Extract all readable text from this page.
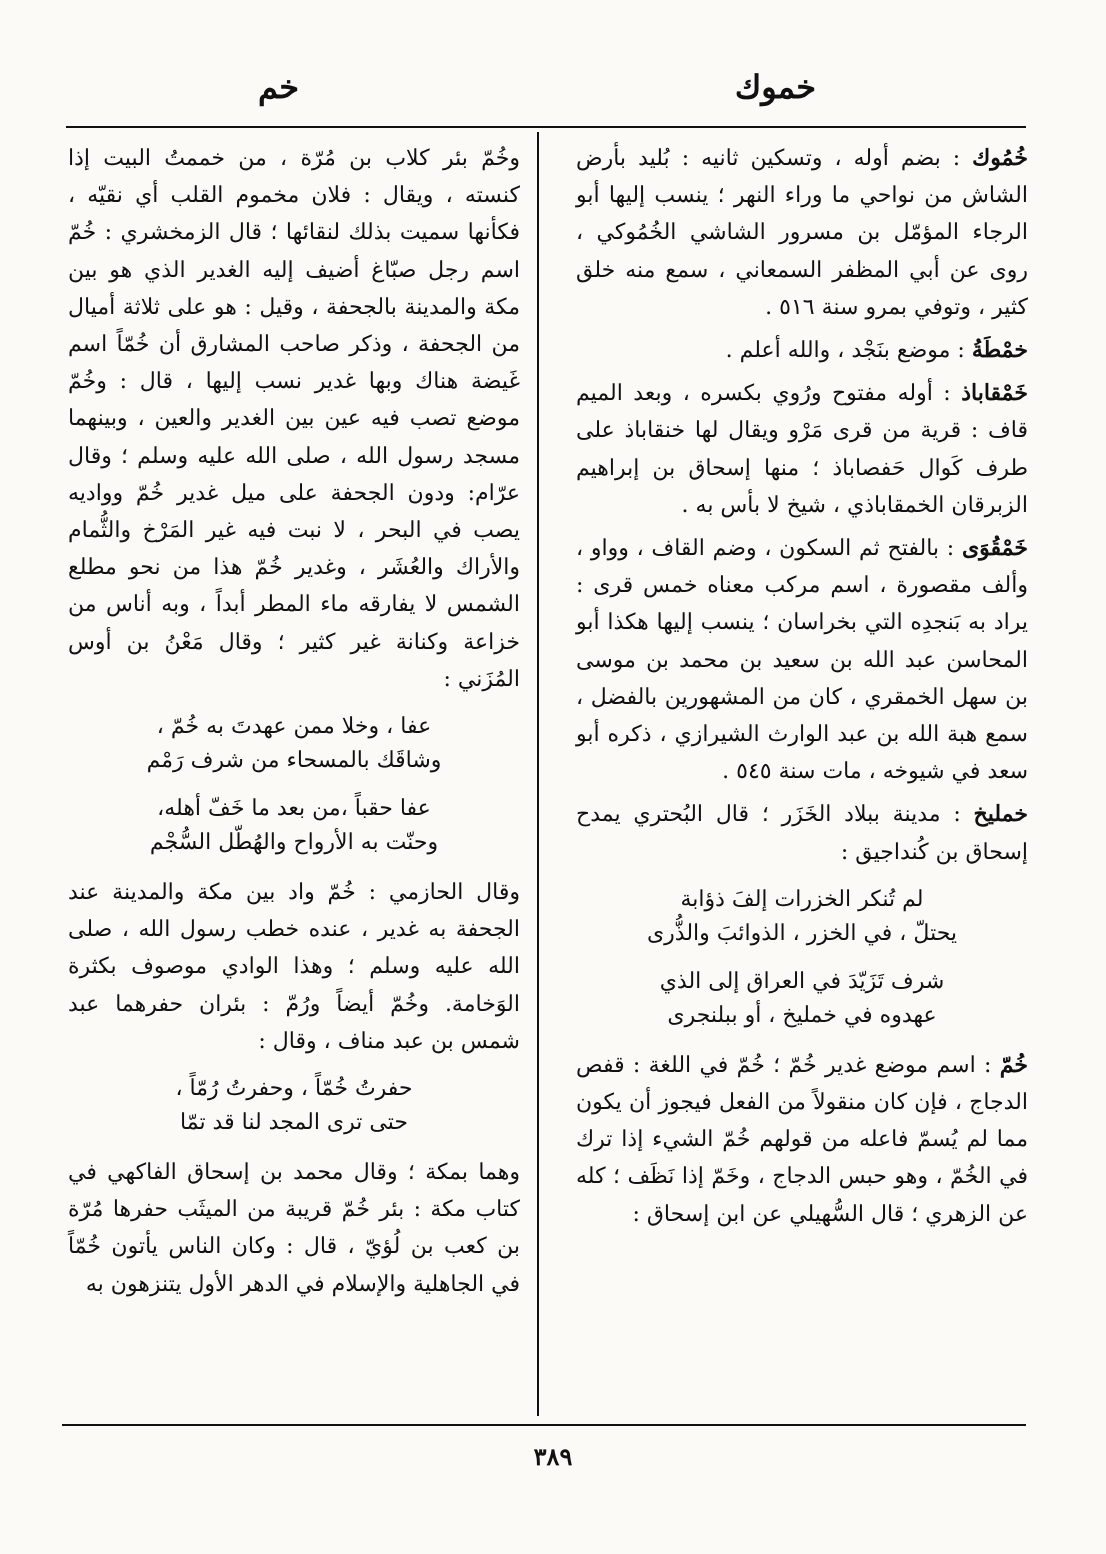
خموك
خم

خُمُوك : بضم أوله ، وتسكين ثانيه : بُليد بأرض الشاش من نواحي ما وراء النهر ؛ ينسب إليها أبو الرجاء المؤمّل بن مسرور الشاشي الخُمُوكي ، روى عن أبي المظفر السمعاني ، سمع منه خلق كثير ، وتوفي بمرو سنة ٥١٦ .

خمْطَةُ : موضع بنَجْد ، والله أعلم .

خَمْقاباذ : أوله مفتوح ورُوي بكسره ، وبعد الميم قاف : قرية من قرى مَرْو ويقال لها خنقاباذ على طرف كَوال حَفصاباذ ؛ منها إسحاق بن إبراهيم الزبرقان الخمقاباذي ، شيخ لا بأس به .

خَمْقُوَى : بالفتح ثم السكون ، وضم القاف ، وواو ، وألف مقصورة ، اسم مركب معناه خمس قرى : يراد به بَنجدِه التي بخراسان ؛ ينسب إليها هكذا أبو المحاسن عبد الله بن سعيد بن محمد بن موسى بن سهل الخمقري ، كان من المشهورين بالفضل ، سمع هبة الله بن عبد الوارث الشيرازي ، ذكره أبو سعد في شيوخه ، مات سنة ٥٤٥ .

خمليخ : مدينة ببلاد الخَزَر ؛ قال البُحتري يمدح إسحاق بن كُنداجيق :

لم تُنكر الخزرات إلفَ ذؤابة
يحتلّ ، في الخزر ، الذوائبَ والذُّرى
شرف تَزَيّدَ في العراق إلى الذي
عهدوه في خمليخ ، أو ببلنجرى

خُمّ : اسم موضع غدير خُمّ ؛ خُمّ في اللغة : قفص الدجاج ، فإن كان منقولاً من الفعل فيجوز أن يكون مما لم يُسمّ فاعله من قولهم خُمّ الشيء إذا ترك في الخُمّ ، وهو حبس الدجاج ، وخَمّ إذا نَظَف ؛ كله عن الزهري ؛ قال السُّهيلي عن ابن إسحاق :

وخُمّ بئر كلاب بن مُرّة ، من خممتُ البيت إذا كنسته ، ويقال : فلان مخموم القلب أي نقيّه ، فكأنها سميت بذلك لنقائها ؛ قال الزمخشري : خُمّ اسم رجل صبّاغ أضيف إليه الغدير الذي هو بين مكة والمدينة بالجحفة ، وقيل : هو على ثلاثة أميال من الجحفة ، وذكر صاحب المشارق أن خُمّاً اسم غَيضة هناك وبها غدير نسب إليها ، قال : وخُمّ موضع تصب فيه عين بين الغدير والعين ، وبينهما مسجد رسول الله ، صلى الله عليه وسلم ؛ وقال عرّام: ودون الجحفة على ميل غدير خُمّ وواديه يصب في البحر ، لا نبت فيه غير المَرْخ والثُّمام والأراك والعُشَر ، وغدير خُمّ هذا من نحو مطلع الشمس لا يفارقه ماء المطر أبداً ، وبه أناس من خزاعة وكنانة غير كثير ؛ وقال مَعْنُ بن أوس المُزَني :

عفا ، وخلا ممن عهدتَ به خُمّ ،
وشاقَك بالمسحاء من شرف رَمْم
عفا حقباً ،من بعد ما خَفّ أهله،
وحنّت به الأرواح والهُطّل السُّجْم

وقال الحازمي : خُمّ واد بين مكة والمدينة عند الجحفة به غدير ، عنده خطب رسول الله ، صلى الله عليه وسلم ؛ وهذا الوادي موصوف بكثرة الوَخامة. وخُمّ أيضاً ورُمّ : بئران حفرهما عبد شمس بن عبد مناف ، وقال :

حفرتُ خُمّاً ، وحفرتُ رُمّاً ،
حتى ترى المجد لنا قد تمّا

وهما بمكة ؛ وقال محمد بن إسحاق الفاكهي في كتاب مكة : بئر خُمّ قريبة من الميثَب حفرها مُرّة بن كعب بن لُؤيّ ، قال : وكان الناس يأتون خُمّاً في الجاهلية والإسلام في الدهر الأول يتنزهون به

٣٨٩
